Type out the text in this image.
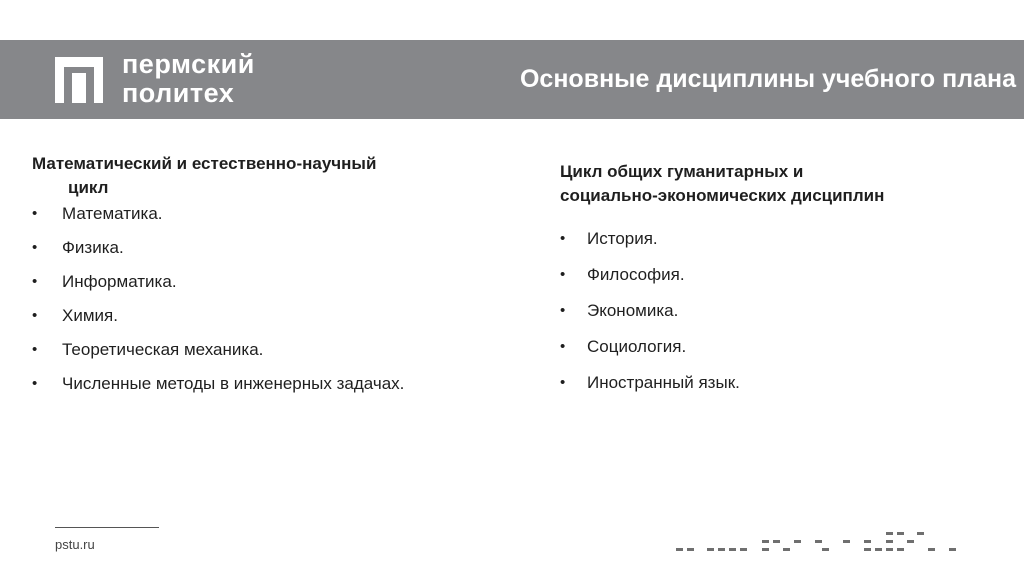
пермский
политех	Основные дисциплины учебного плана

Математический и естественно-научный
цикл

• Математика.
• Физика.
• Информатика.
• Химия.
• Теоретическая механика.
• Численные методы в инженерных задачах.

Цикл общих гуманитарных и
социально-экономических дисциплин

• История.
• Философия.
• Экономика.
• Социология.
• Иностранный язык.
pstu.ru
